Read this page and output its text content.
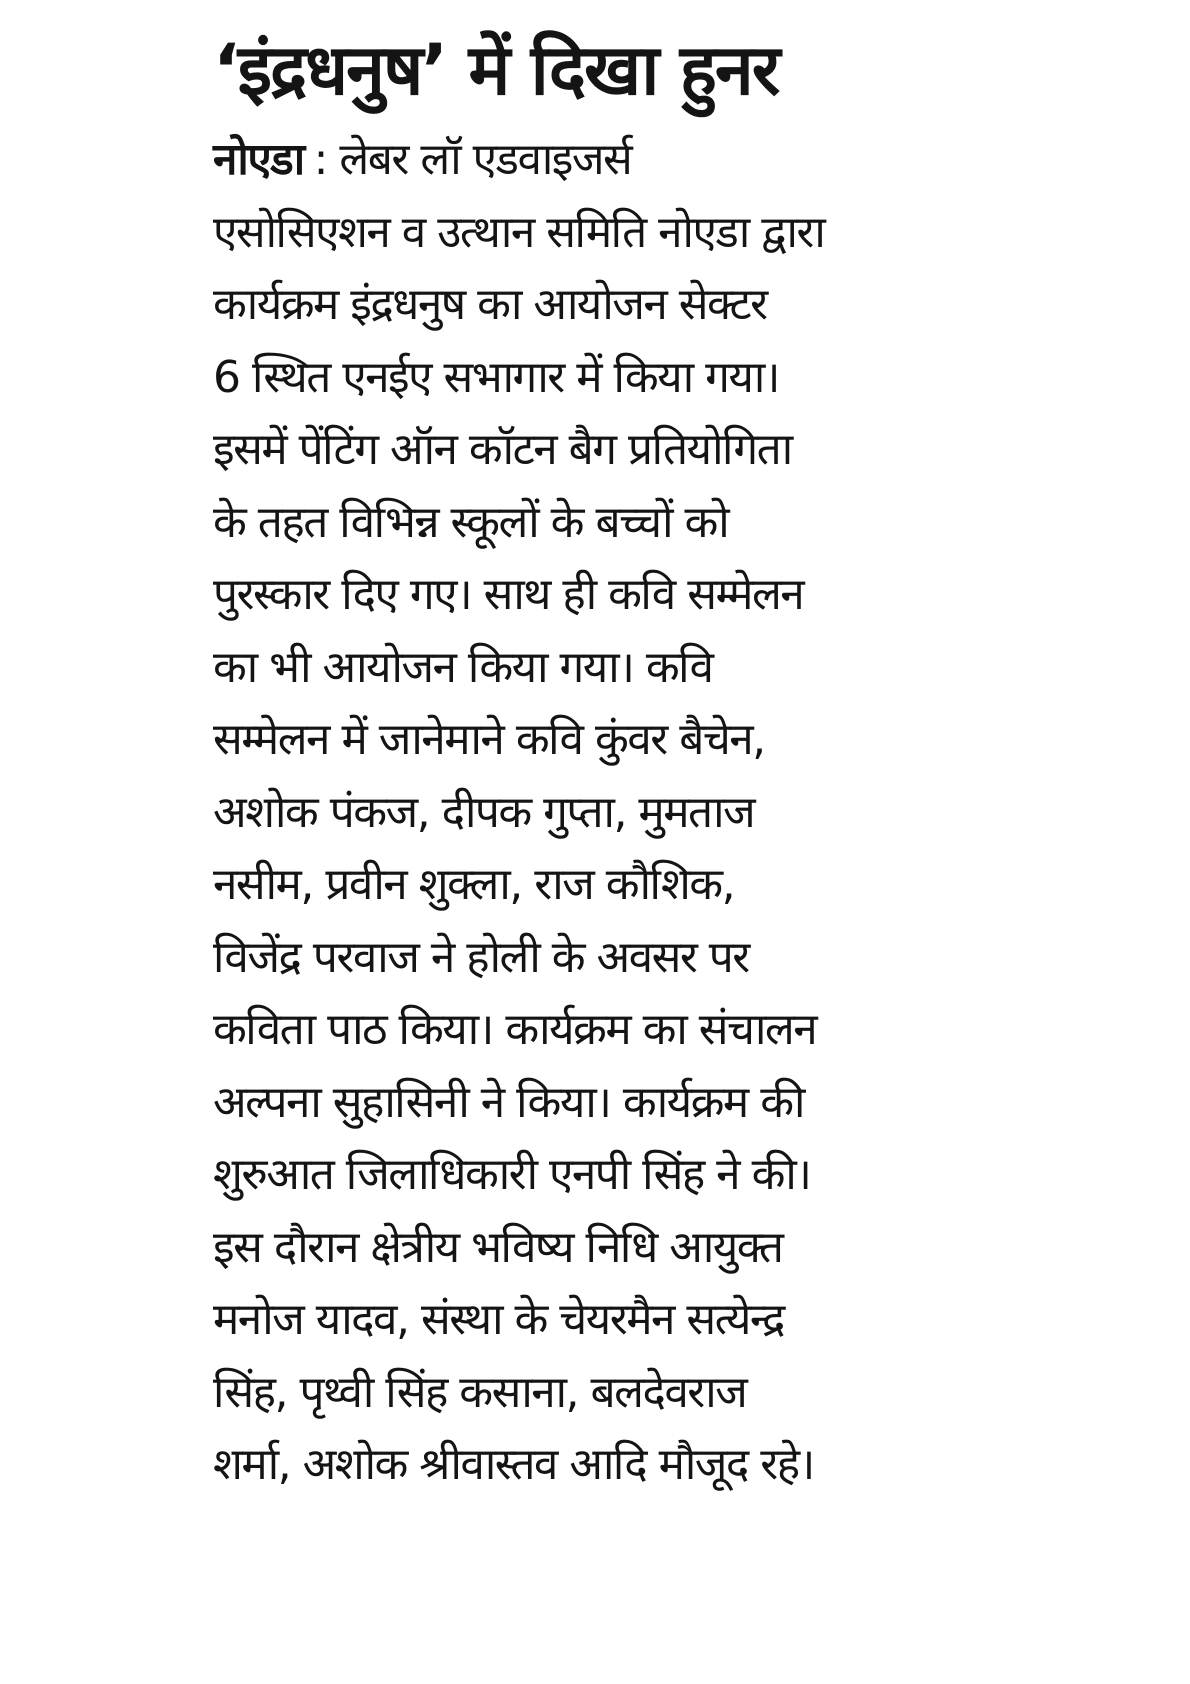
‘इंद्रधनुष’ में दिखा हुनर

नोएडा : लेबर लॉ एडवाइजर्स
एसोसिएशन व उत्थान समिति नोएडा द्वारा
कार्यक्रम इंद्रधनुष का आयोजन सेक्टर
6 स्थित एनईए सभागार में किया गया।
इसमें पेंटिंग ऑन कॉटन बैग प्रतियोगिता
के तहत विभिन्न स्कूलों के बच्चों को
पुरस्कार दिए गए। साथ ही कवि सम्मेलन
का भी आयोजन किया गया। कवि
सम्मेलन में जानेमाने कवि कुंवर बैचेन,
अशोक पंकज, दीपक गुप्ता, मुमताज
नसीम, प्रवीन शुक्ला, राज कौशिक,
विजेंद्र परवाज ने होली के अवसर पर
कविता पाठ किया। कार्यक्रम का संचालन
अल्पना सुहासिनी ने किया। कार्यक्रम की
शुरुआत जिलाधिकारी एनपी सिंह ने की।
इस दौरान क्षेत्रीय भविष्य निधि आयुक्त
मनोज यादव, संस्था के चेयरमैन सत्येन्द्र
सिंह, पृथ्वी सिंह कसाना, बलदेवराज
शर्मा, अशोक श्रीवास्तव आदि मौजूद रहे।
